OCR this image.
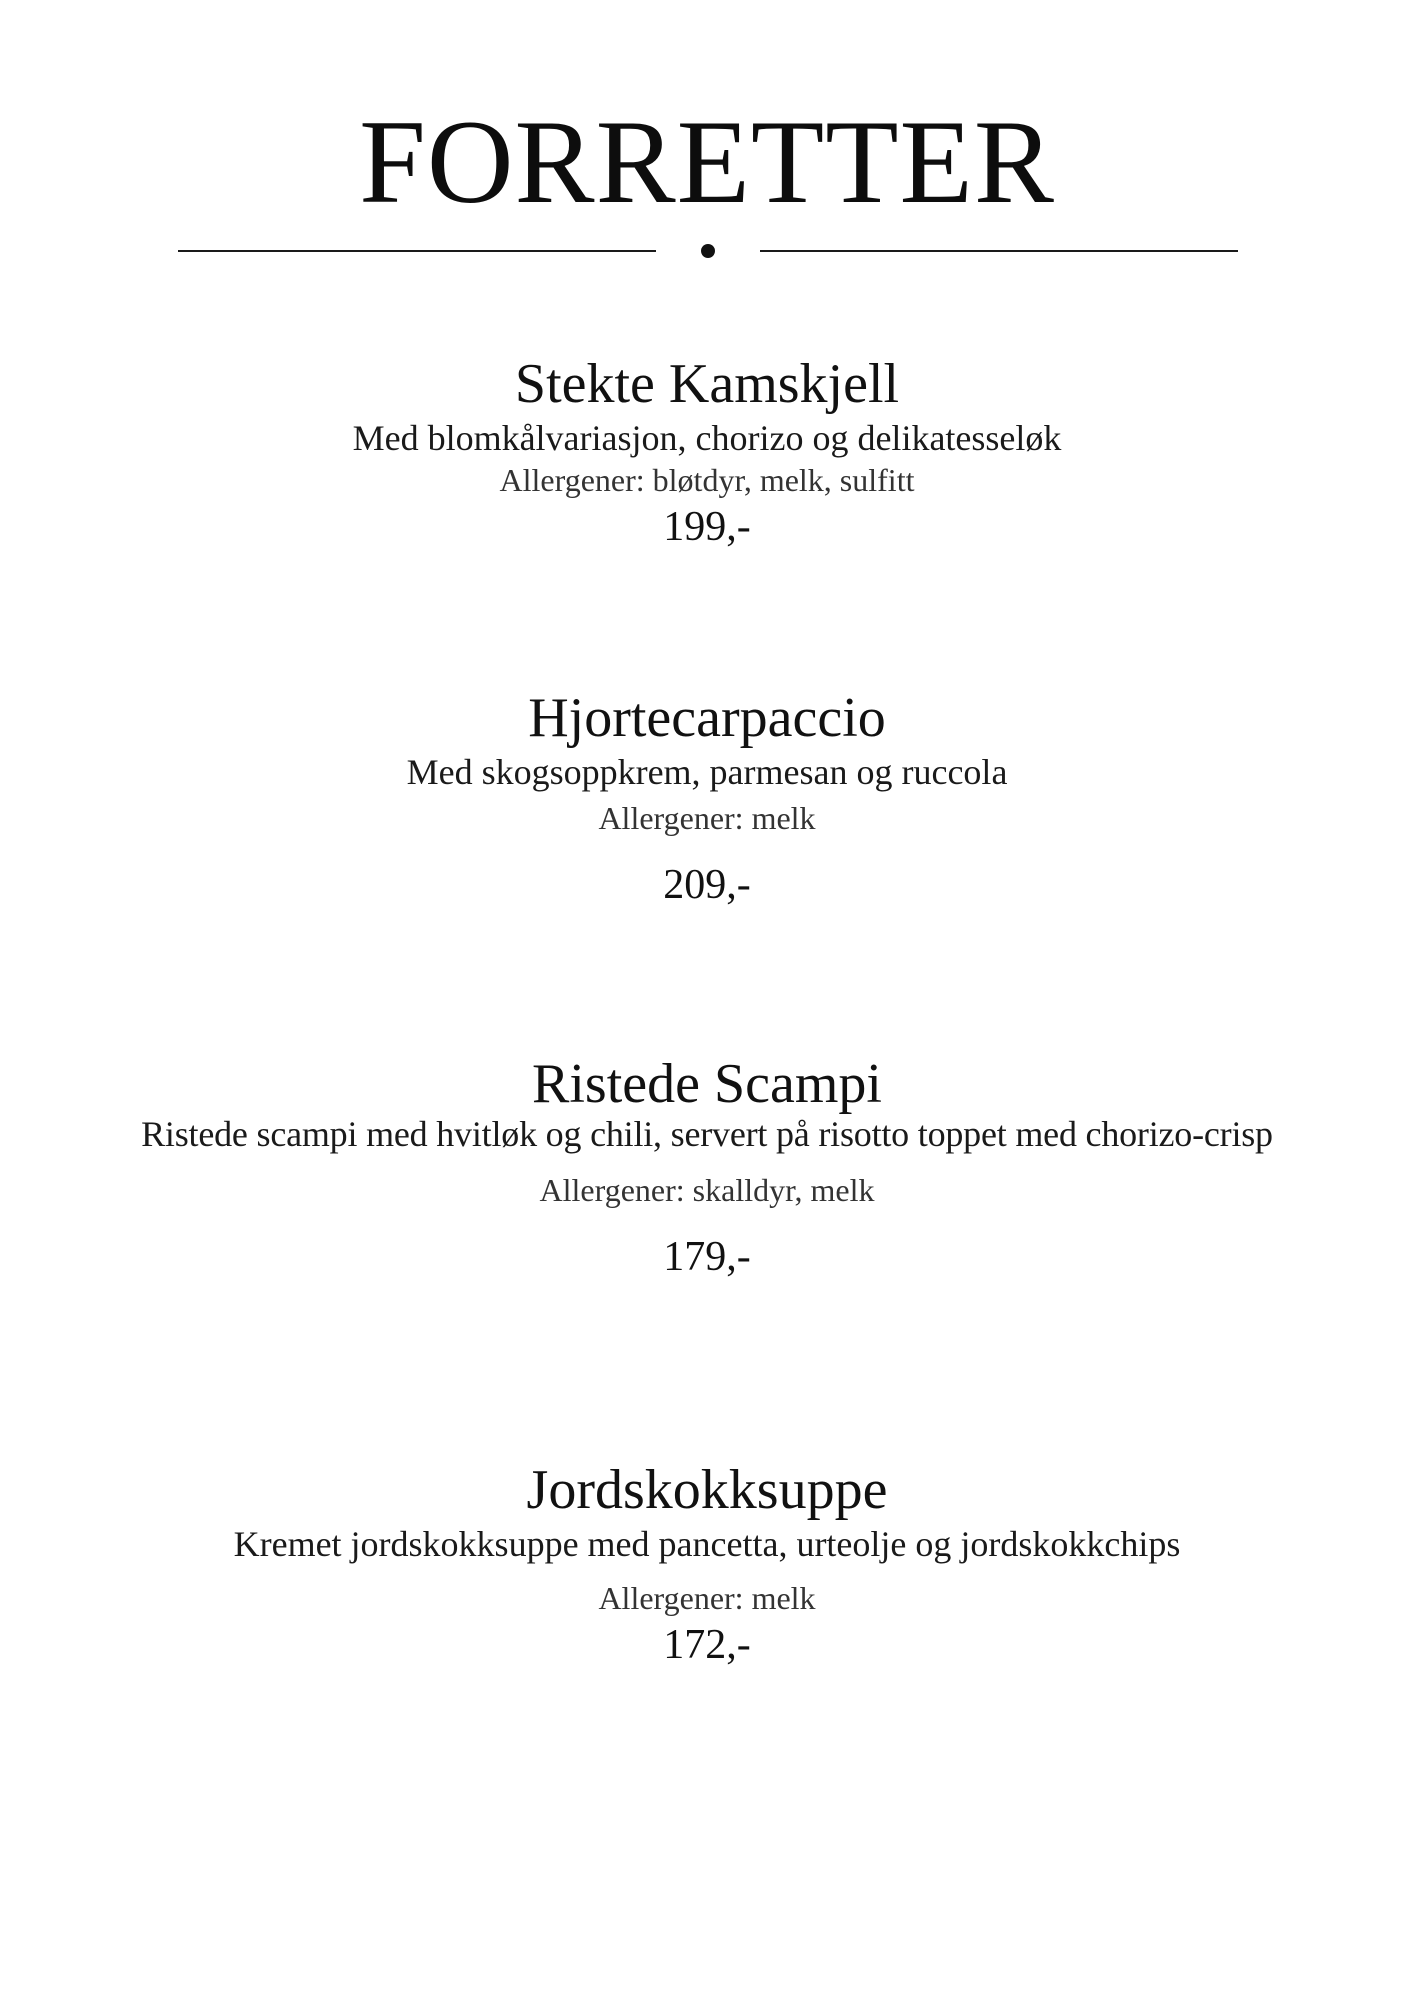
FORRETTER
Stekte Kamskjell

Med blomkålvariasjon, chorizo og delikatesseløk

Allergener: bløtdyr, melk, sulfitt

199,-

Hjortecarpaccio

Med skogsoppkrem, parmesan og ruccola

Allergener: melk

209,-

Ristede Scampi

Ristede scampi med hvitløk og chili, servert på risotto toppet med chorizo-crisp

Allergener: skalldyr, melk

179,-

Jordskokksuppe

Kremet jordskokksuppe med pancetta, urteolje og jordskokkchips

Allergener: melk

172,-
